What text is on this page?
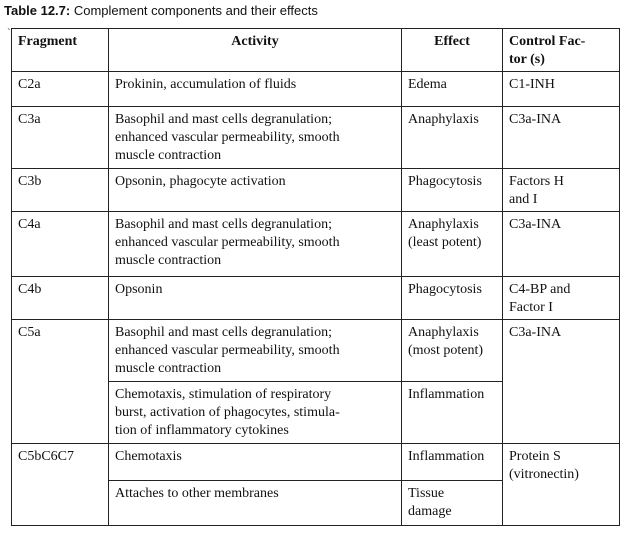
Table 12.7: Complement components and their effects
`
Fragment	Activity	Effect	Control Fac-
tor (s)
C2a	Prokinin, accumulation of fluids	Edema	C1-INH
C3a	Basophil and mast cells degranulation;
enhanced vascular permeability, smooth
muscle contraction	Anaphylaxis	C3a-INA
C3b	Opsonin, phagocyte activation	Phagocytosis	Factors H
and I
C4a	Basophil and mast cells degranulation;
enhanced vascular permeability, smooth
muscle contraction	Anaphylaxis
(least potent)	C3a-INA
C4b	Opsonin	Phagocytosis	C4-BP and
Factor I
C5a	Basophil and mast cells degranulation;
enhanced vascular permeability, smooth
muscle contraction	Anaphylaxis
(most potent)	C3a-INA
	Chemotaxis, stimulation of respiratory
burst, activation of phagocytes, stimula-
tion of inflammatory cytokines	Inflammation	
C5bC6C7	Chemotaxis	Inflammation	Protein S
(vitronectin)
	Attaches to other membranes	Tissue
damage	
